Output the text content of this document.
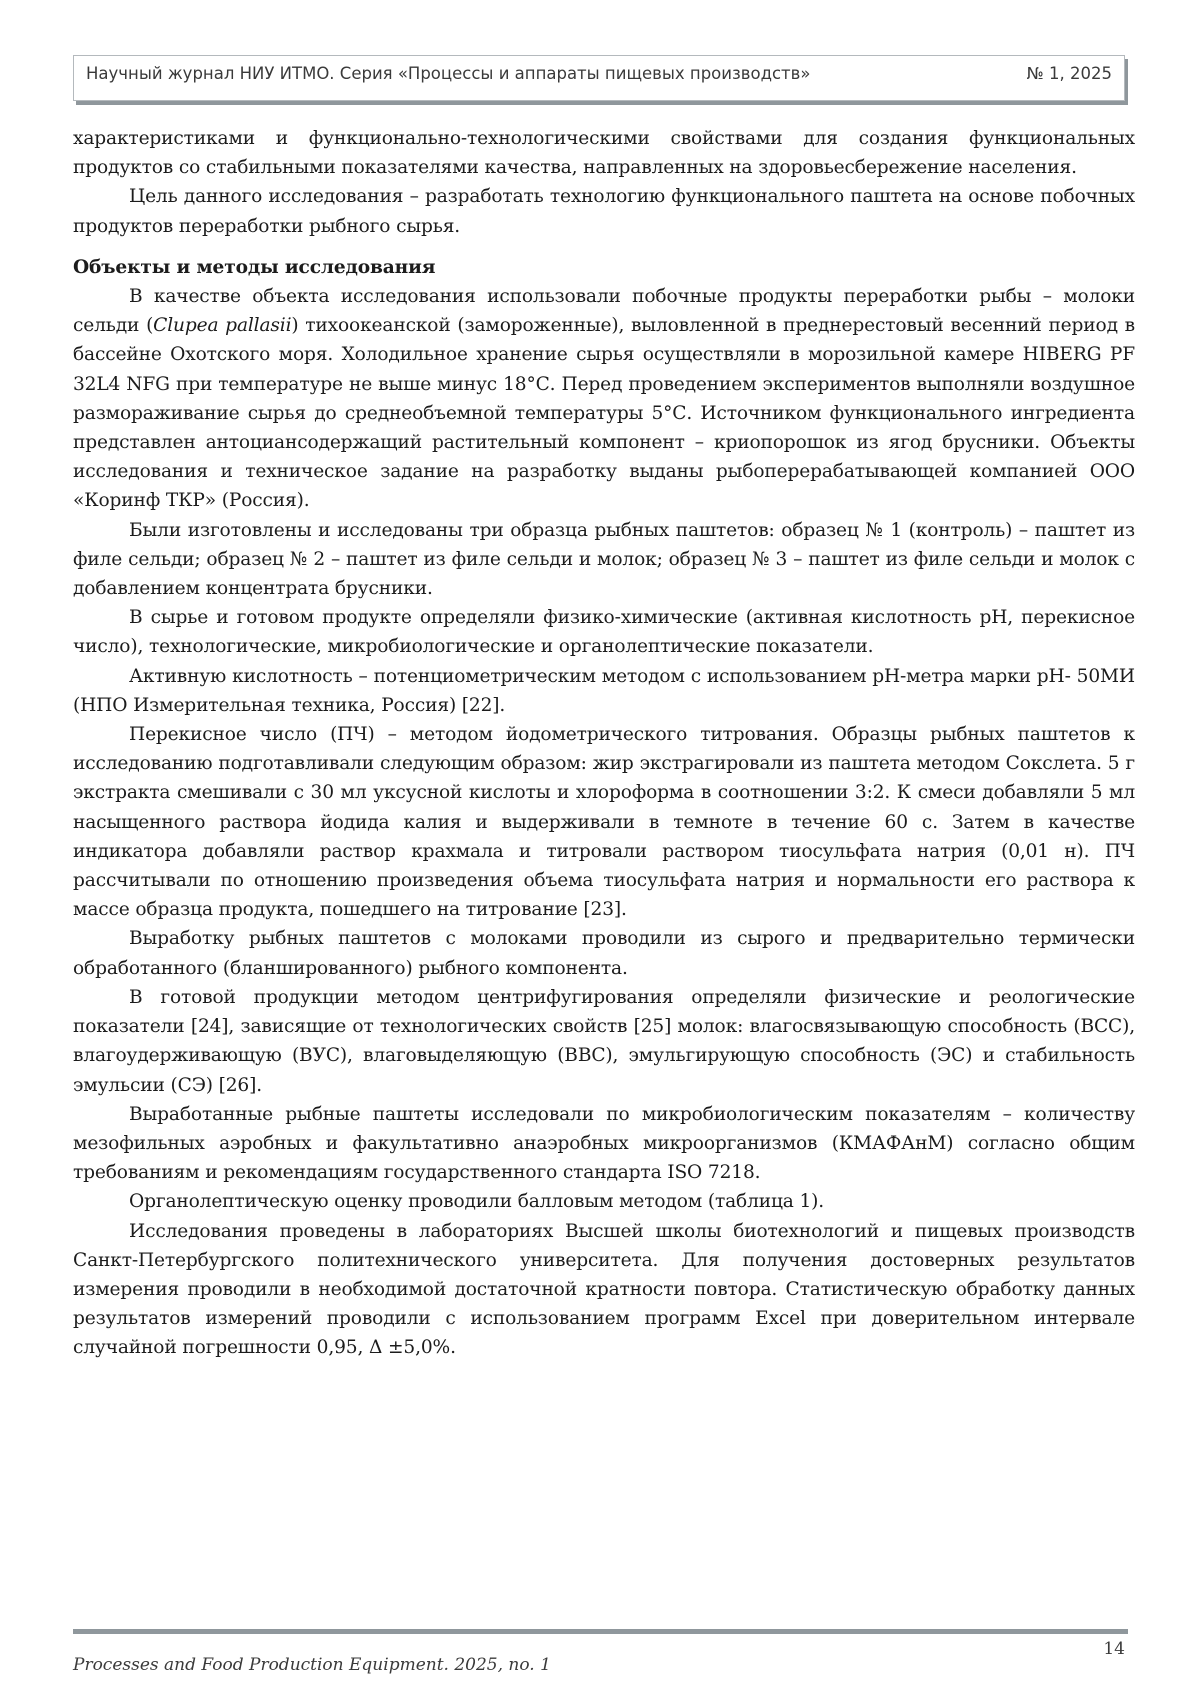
Научный журнал НИУ ИТМО. Серия «Процессы и аппараты пищевых производств»	№ 1, 2025

характеристиками и функционально-технологическими свойствами для создания функциональных продуктов со стабильными показателями качества, направленных на здоровьесбережение населения.

Цель данного исследования – разработать технологию функционального паштета на основе побочных продуктов переработки рыбного сырья.

Объекты и методы исследования

В качестве объекта исследования использовали побочные продукты переработки рыбы – молоки сельди (Clupea pallasii) тихоокеанской (замороженные), выловленной в преднерестовый весенний период в бассейне Охотского моря. Холодильное хранение сырья осуществляли в морозильной камере HIBERG PF 32L4 NFG при температуре не выше минус 18°С. Перед проведением экспериментов выполняли воздушное размораживание сырья до среднеобъемной температуры 5°С. Источником функционального ингредиента представлен антоциансодержащий растительный компонент – криопорошок из ягод брусники. Объекты исследования и техническое задание на разработку выданы рыбоперерабатывающей компанией ООО «Коринф ТКР» (Россия).

Были изготовлены и исследованы три образца рыбных паштетов: образец № 1 (контроль) – паштет из филе сельди; образец № 2 – паштет из филе сельди и молок; образец № 3 – паштет из филе сельди и молок с добавлением концентрата брусники.

В сырье и готовом продукте определяли физико-химические (активная кислотность pH, перекисное число), технологические, микробиологические и органолептические показатели.

Активную кислотность – потенциометрическим методом с использованием pH-метра марки pH- 50МИ (НПО Измерительная техника, Россия) [22].

Перекисное число (ПЧ) – методом йодометрического титрования. Образцы рыбных паштетов к исследованию подготавливали следующим образом: жир экстрагировали из паштета методом Сокслета. 5 г экстракта смешивали с 30 мл уксусной кислоты и хлороформа в соотношении 3:2. К смеси добавляли 5 мл насыщенного раствора йодида калия и выдерживали в темноте в течение 60 с. Затем в качестве индикатора добавляли раствор крахмала и титровали раствором тиосульфата натрия (0,01 н). ПЧ рассчитывали по отношению произведения объема тиосульфата натрия и нормальности его раствора к массе образца продукта, пошедшего на титрование [23].

Выработку рыбных паштетов с молоками проводили из сырого и предварительно термически обработанного (бланшированного) рыбного компонента.

В готовой продукции методом центрифугирования определяли физические и реологические показатели [24], зависящие от технологических свойств [25] молок: влагосвязывающую способность (ВСС), влагоудерживающую (ВУС), влаговыделяющую (ВВС), эмульгирующую способность (ЭС) и стабильность эмульсии (СЭ) [26].

Выработанные рыбные паштеты исследовали по микробиологическим показателям – количеству мезофильных аэробных и факультативно анаэробных микроорганизмов (КМАФАнМ) согласно общим требованиям и рекомендациям государственного стандарта ISO 7218.

Органолептическую оценку проводили балловым методом (таблица 1).

Исследования проведены в лабораториях Высшей школы биотехнологий и пищевых производств Санкт-Петербургского политехнического университета. Для получения достоверных результатов измерения проводили в необходимой достаточной кратности повтора. Статистическую обработку данных результатов измерений проводили с использованием программ Excel при доверительном интервале случайной погрешности 0,95, Δ ±5,0%.

14
Processes and Food Production Equipment. 2025, no. 1
